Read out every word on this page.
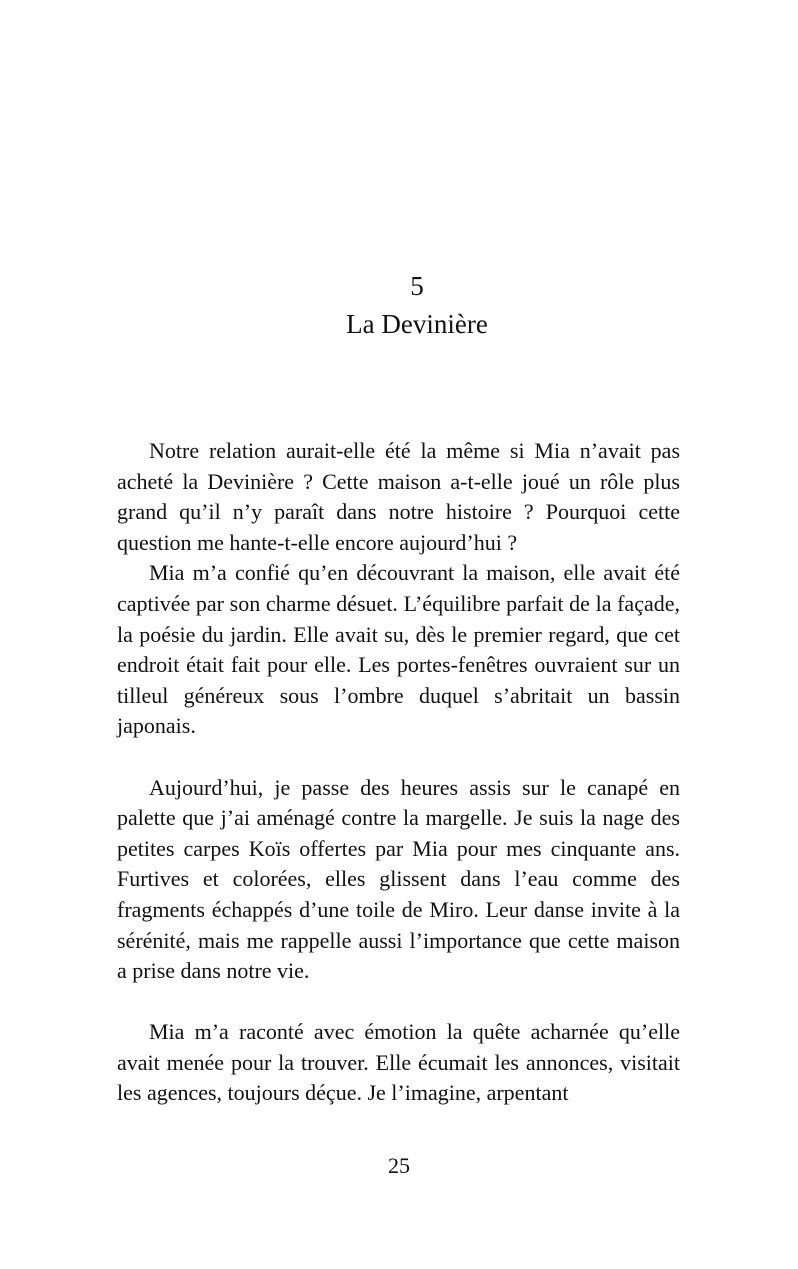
5
La Devinière

Notre relation aurait-elle été la même si Mia n’avait pas acheté la Devinière ? Cette maison a-t-elle joué un rôle plus grand qu’il n’y paraît dans notre histoire ? Pourquoi cette question me hante-t-elle encore aujourd’hui ?

Mia m’a confié qu’en découvrant la maison, elle avait été captivée par son charme désuet. L’équilibre parfait de la façade, la poésie du jardin. Elle avait su, dès le premier regard, que cet endroit était fait pour elle. Les portes-fenêtres ouvraient sur un tilleul généreux sous l’ombre duquel s’abritait un bassin japonais.

Aujourd’hui, je passe des heures assis sur le canapé en palette que j’ai aménagé contre la margelle. Je suis la nage des petites carpes Koïs offertes par Mia pour mes cinquante ans. Furtives et colorées, elles glissent dans l’eau comme des fragments échappés d’une toile de Miro. Leur danse invite à la sérénité, mais me rappelle aussi l’importance que cette maison a prise dans notre vie.

Mia m’a raconté avec émotion la quête acharnée qu’elle avait menée pour la trouver. Elle écumait les annonces, visitait les agences, toujours déçue. Je l’imagine, arpentant

25
